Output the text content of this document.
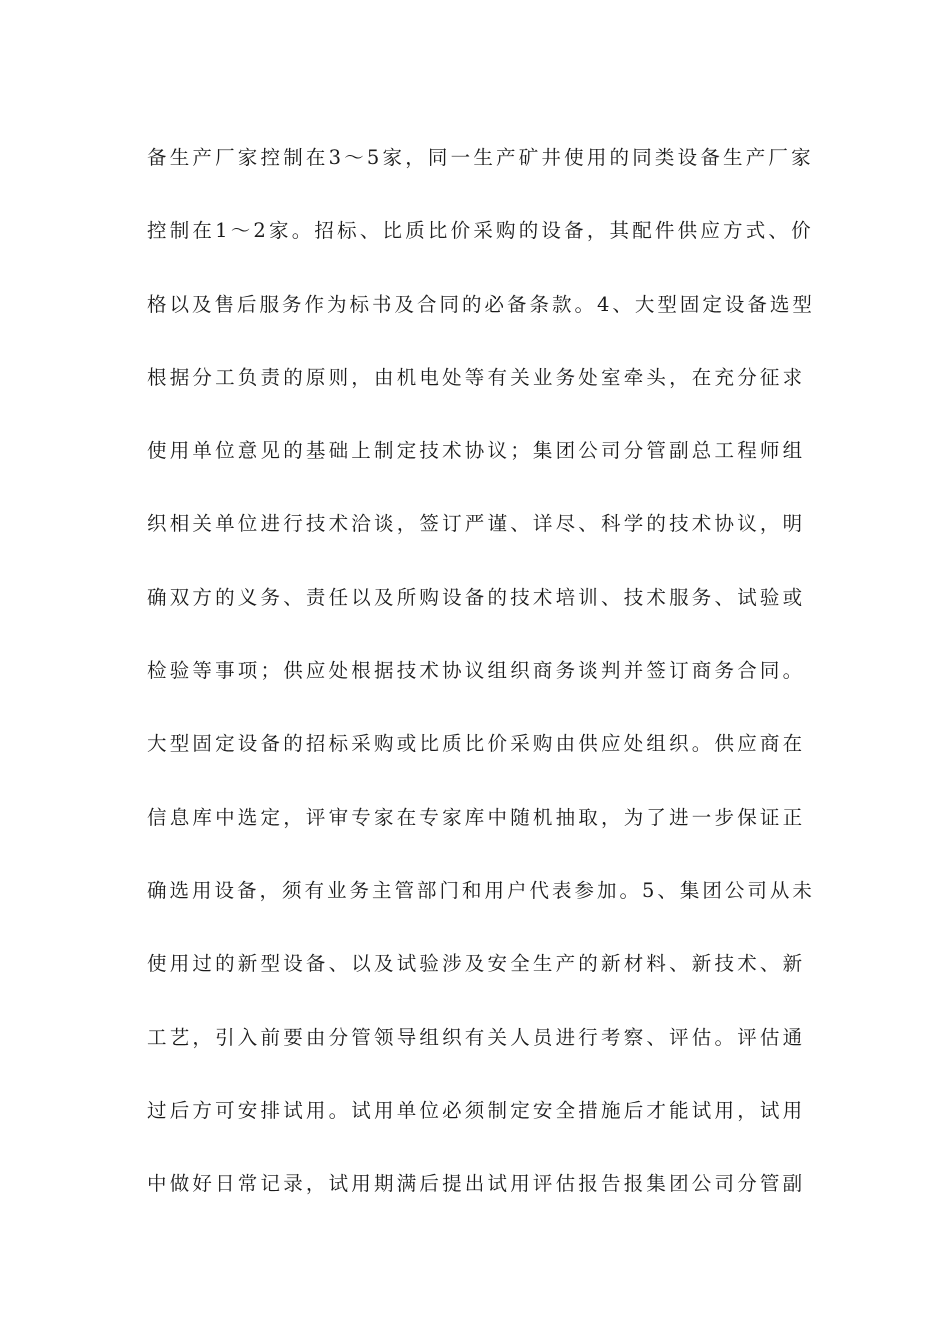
备生产厂家控制在3～5家，同一生产矿井使用的同类设备生产厂家
控制在1～2家。招标、比质比价采购的设备，其配件供应方式、价
格以及售后服务作为标书及合同的必备条款。4、大型固定设备选型
根据分工负责的原则，由机电处等有关业务处室牵头，在充分征求
使用单位意见的基础上制定技术协议；集团公司分管副总工程师组
织相关单位进行技术洽谈，签订严谨、详尽、科学的技术协议，明
确双方的义务、责任以及所购设备的技术培训、技术服务、试验或
检验等事项；供应处根据技术协议组织商务谈判并签订商务合同。
大型固定设备的招标采购或比质比价采购由供应处组织。供应商在
信息库中选定，评审专家在专家库中随机抽取，为了进一步保证正
确选用设备，须有业务主管部门和用户代表参加。5、集团公司从未
使用过的新型设备、以及试验涉及安全生产的新材料、新技术、新
工艺，引入前要由分管领导组织有关人员进行考察、评估。评估通
过后方可安排试用。试用单位必须制定安全措施后才能试用，试用
中做好日常记录，试用期满后提出试用评估报告报集团公司分管副
